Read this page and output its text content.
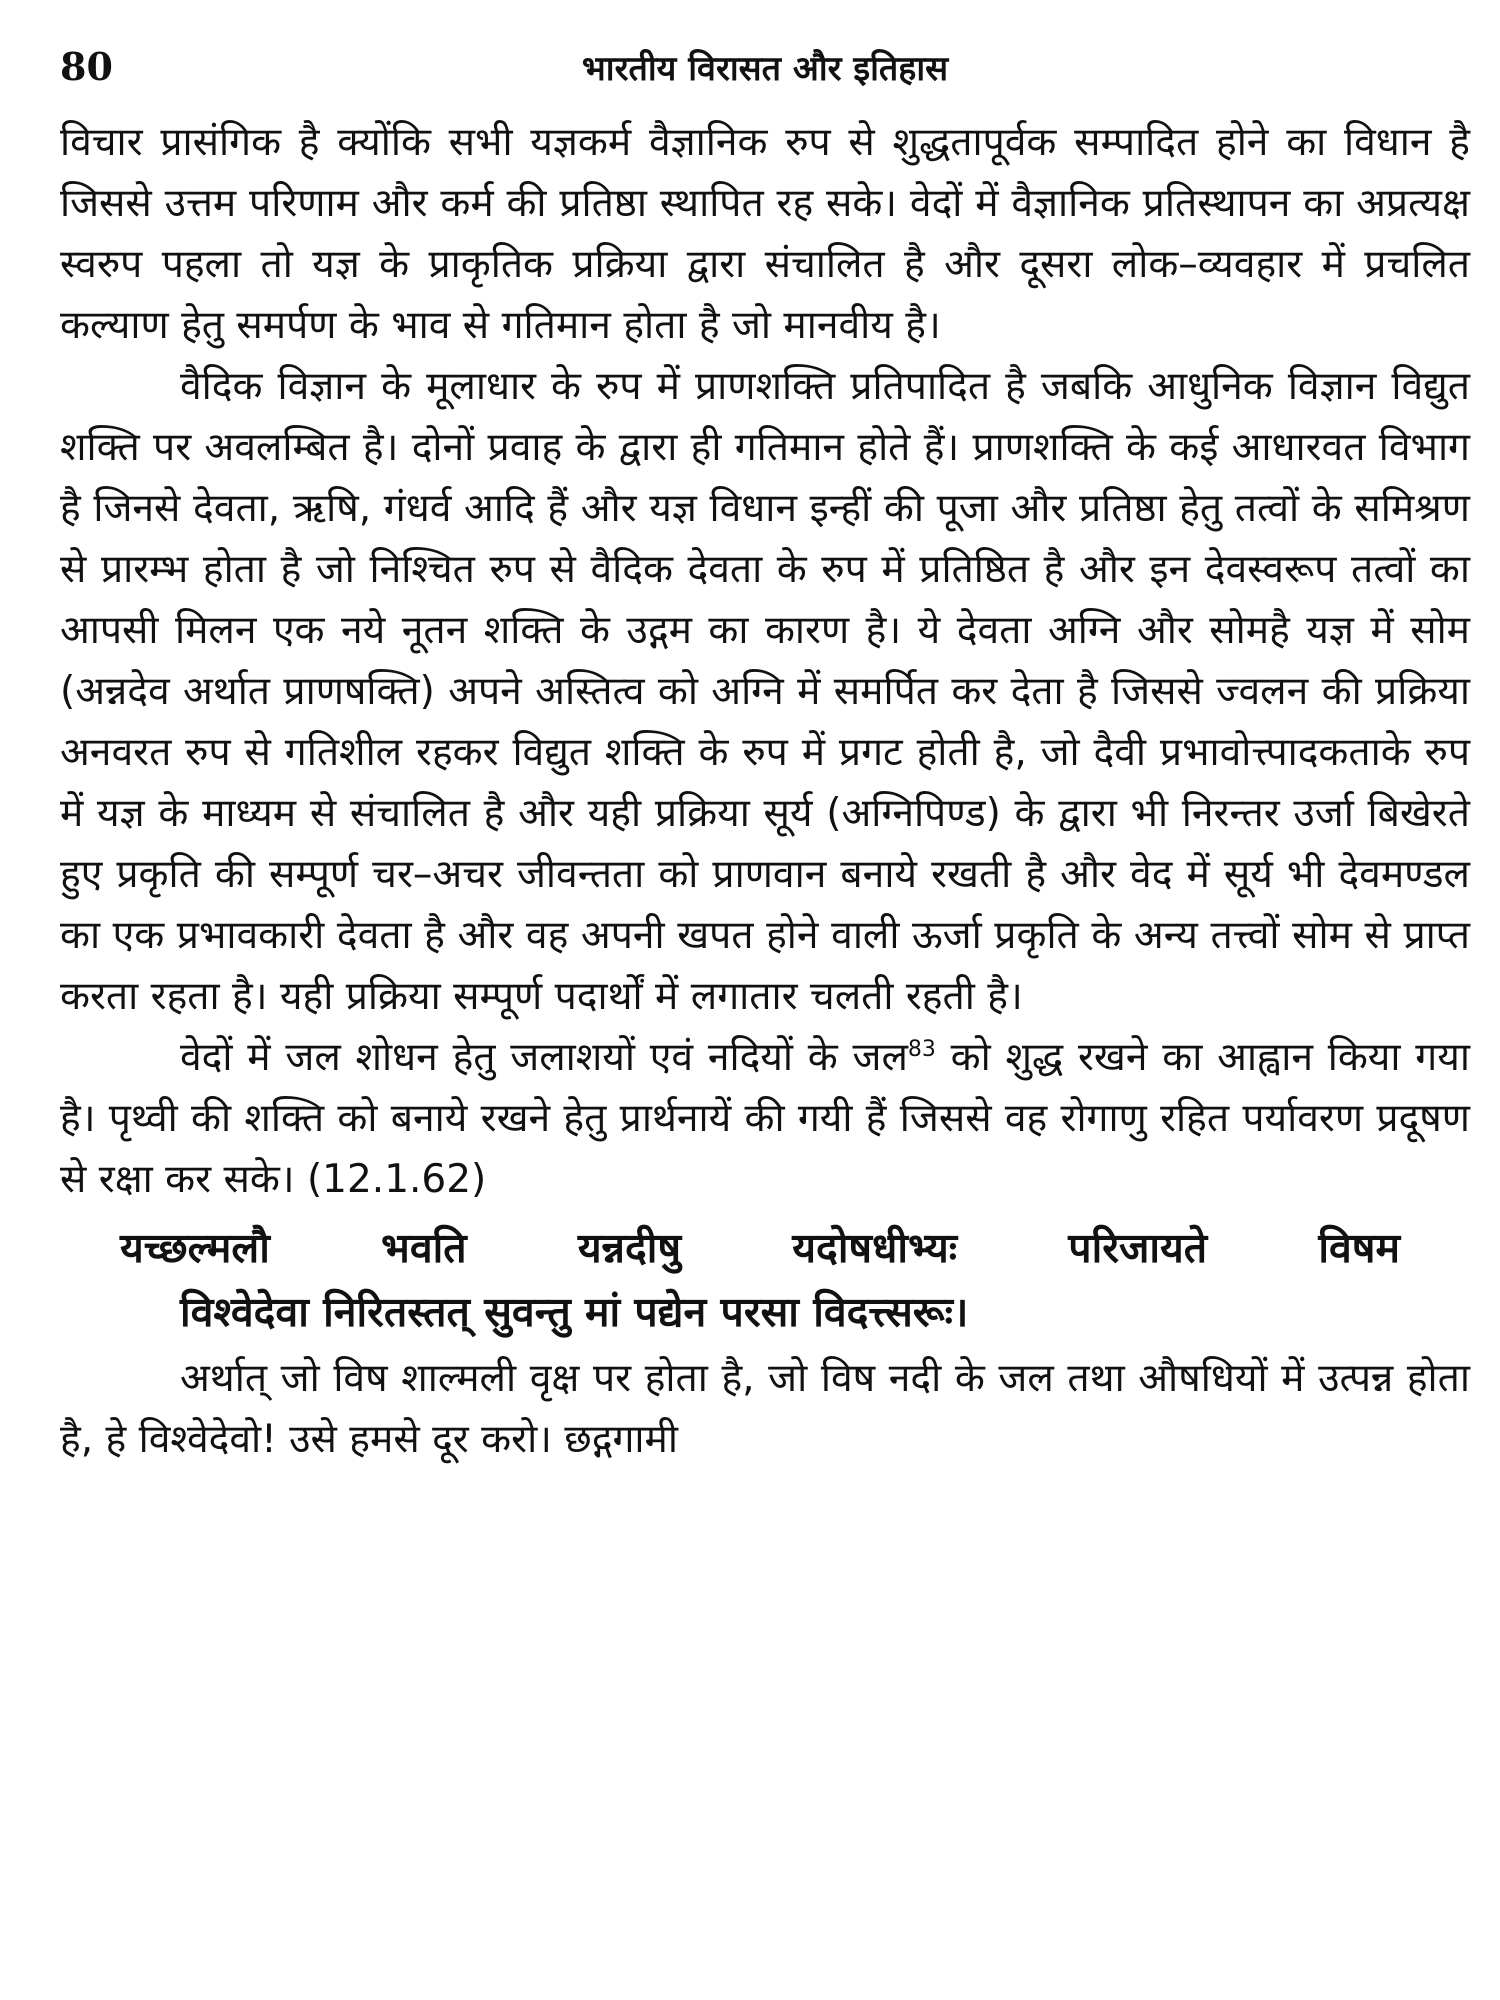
80	भारतीय विरासत और इतिहास

विचार प्रासंगिक है क्योंकि सभी यज्ञकर्म वैज्ञानिक रुप से शुद्धतापूर्वक सम्पादित होने का विधान है जिससे उत्तम परिणाम और कर्म की प्रतिष्ठा स्थापित रह सके। वेदों में वैज्ञानिक प्रतिस्थापन का अप्रत्यक्ष स्वरुप पहला तो यज्ञ के प्राकृतिक प्रक्रिया द्वारा संचालित है और दूसरा लोक–व्यवहार में प्रचलित कल्याण हेतु समर्पण के भाव से गतिमान होता है जो मानवीय है।

वैदिक विज्ञान के मूलाधार के रुप में प्राणशक्ति प्रतिपादित है जबकि आधुनिक विज्ञान विद्युत शक्ति पर अवलम्बित है। दोनों प्रवाह के द्वारा ही गतिमान होते हैं। प्राणशक्ति के कई आधारवत विभाग है जिनसे देवता, ऋषि, गंधर्व आदि हैं और यज्ञ विधान इन्हीं की पूजा और प्रतिष्ठा हेतु तत्वों के समिश्रण से प्रारम्भ होता है जो निश्चित रुप से वैदिक देवता के रुप में प्रतिष्ठित है और इन देवस्वरूप तत्वों का आपसी मिलन एक नये नूतन शक्ति के उद्गम का कारण है। ये देवता अग्नि और सोमहै यज्ञ में सोम (अन्नदेव अर्थात प्राणषक्ति) अपने अस्तित्व को अग्नि में समर्पित कर देता है जिससे ज्वलन की प्रक्रिया अनवरत रुप से गतिशील रहकर विद्युत शक्ति के रुप में प्रगट होती है, जो दैवी प्रभावोत्त्पादकताके रुप में यज्ञ के माध्यम से संचालित है और यही प्रक्रिया सूर्य (अग्निपिण्ड) के द्वारा भी निरन्तर उर्जा बिखेरते हुए प्रकृति की सम्पूर्ण चर–अचर जीवन्तता को प्राणवान बनाये रखती है और वेद में सूर्य भी देवमण्डल का एक प्रभावकारी देवता है और वह अपनी खपत होने वाली ऊर्जा प्रकृति के अन्य तत्त्वों सोम से प्राप्त करता रहता है। यही प्रक्रिया सम्पूर्ण पदार्थों में लगातार चलती रहती है।

वेदों में जल शोधन हेतु जलाशयों एवं नदियों के जल$^{83}$ को शुद्ध रखने का आह्वान किया गया है। पृथ्वी की शक्ति को बनाये रखने हेतु प्रार्थनायें की गयी हैं जिससे वह रोगाणु रहित पर्यावरण प्रदूषण से रक्षा कर सके। (12.1.62)

यच्छल्मलौ भवति यन्नदीषु यदोषधीभ्यः परिजायते विषम
विश्वेदेवा निरितस्तत् सुवन्तु मां पद्येन परसा विदत्त्सरूः।

अर्थात् जो विष शाल्मली वृक्ष पर होता है, जो विष नदी के जल तथा औषधियों में उत्पन्न होता है, हे विश्वेदेवो! उसे हमसे दूर करो। छद्गगामी
